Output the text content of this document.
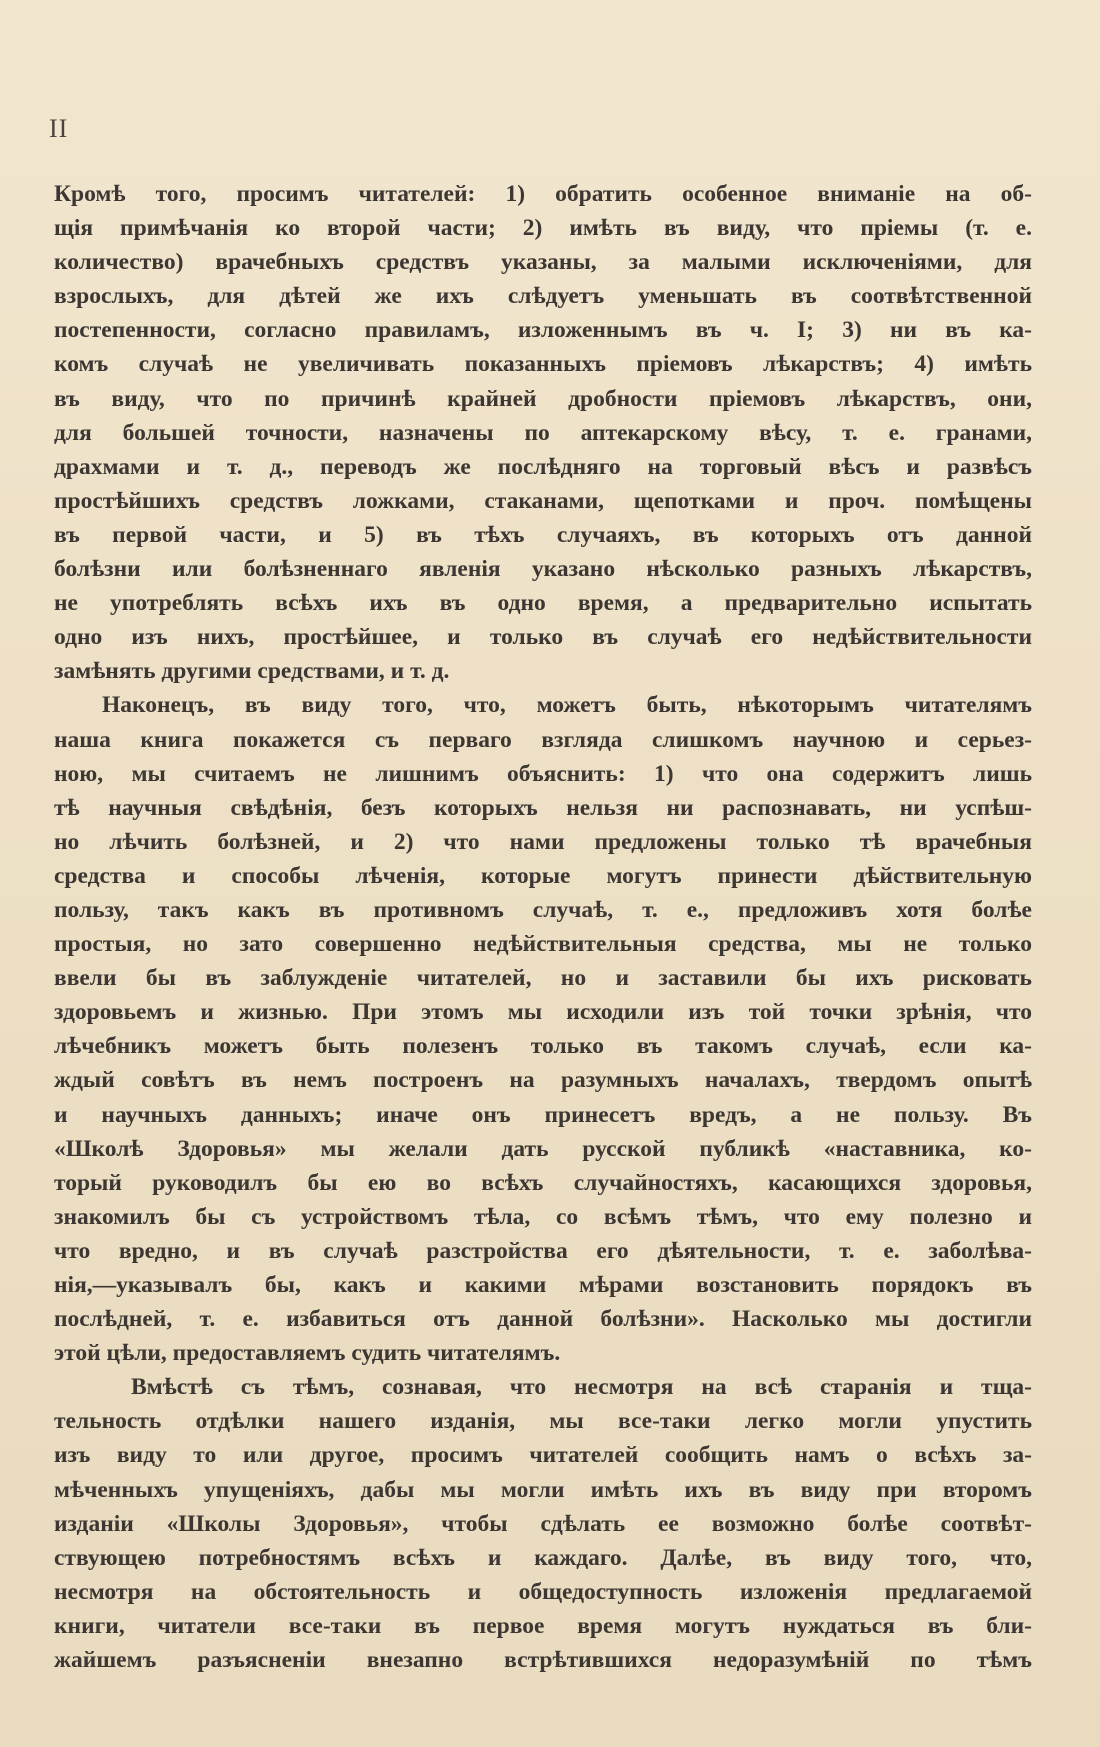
II
Кромѣ того, просимъ читателей: 1) обратить особенное вниманіе на об-
щія примѣчанія ко второй части; 2) имѣть въ виду, что пріемы (т. е.
количество) врачебныхъ средствъ указаны, за малыми исключеніями, для
взрослыхъ, для дѣтей же ихъ слѣдуетъ уменьшать въ соотвѣтственной
постепенности, согласно правиламъ, изложеннымъ въ ч. I; 3) ни въ ка-
комъ случаѣ не увеличивать показанныхъ пріемовъ лѣкарствъ; 4) имѣть
въ виду, что по причинѣ крайней дробности пріемовъ лѣкарствъ, они,
для большей точности, назначены по аптекарскому вѣсу, т. е. гранами,
драхмами и т. д., переводъ же послѣдняго на торговый вѣсъ и развѣсъ
простѣйшихъ средствъ ложками, стаканами, щепотками и проч. помѣщены
въ первой части, и 5) въ тѣхъ случаяхъ, въ которыхъ отъ данной
болѣзни или болѣзненнаго явленія указано нѣсколько разныхъ лѣкарствъ,
не употреблять всѣхъ ихъ въ одно время, а предварительно испытать
одно изъ нихъ, простѣйшее, и только въ случаѣ его недѣйствительности
замѣнять другими средствами, и т. д.
Наконецъ, въ виду того, что, можетъ быть, нѣкоторымъ читателямъ
наша книга покажется съ перваго взгляда слишкомъ научною и серьез-
ною, мы считаемъ не лишнимъ объяснить: 1) что она содержитъ лишь
тѣ научныя свѣдѣнія, безъ которыхъ нельзя ни распознавать, ни успѣш-
но лѣчить болѣзней, и 2) что нами предложены только тѣ врачебныя
средства и способы лѣченія, которые могутъ принести дѣйствительную
пользу, такъ какъ въ противномъ случаѣ, т. е., предложивъ хотя болѣе
простыя, но зато совершенно недѣйствительныя средства, мы не только
ввели бы въ заблужденіе читателей, но и заставили бы ихъ рисковать
здоровьемъ и жизнью. При этомъ мы исходили изъ той точки зрѣнія, что
лѣчебникъ можетъ быть полезенъ только въ такомъ случаѣ, если ка-
ждый совѣтъ въ немъ построенъ на разумныхъ началахъ, твердомъ опытѣ
и научныхъ данныхъ; иначе онъ принесетъ вредъ, а не пользу. Въ
«Школѣ Здоровья» мы желали дать русской публикѣ «наставника, ко-
торый руководилъ бы ею во всѣхъ случайностяхъ, касающихся здоровья,
знакомилъ бы съ устройствомъ тѣла, со всѣмъ тѣмъ, что ему полезно и
что вредно, и въ случаѣ разстройства его дѣятельности, т. е. заболѣва-
нія,—указывалъ бы, какъ и какими мѣрами возстановить порядокъ въ
послѣдней, т. е. избавиться отъ данной болѣзни». Насколько мы достигли
этой цѣли, предоставляемъ судить читателямъ.
Вмѣстѣ съ тѣмъ, сознавая, что несмотря на всѣ старанія и тща-
тельность отдѣлки нашего изданія, мы все-таки легко могли упустить
изъ виду то или другое, просимъ читателей сообщить намъ о всѣхъ за-
мѣченныхъ упущеніяхъ, дабы мы могли имѣть ихъ въ виду при второмъ
изданіи «Школы Здоровья», чтобы сдѣлать ее возможно болѣе соотвѣт-
ствующею потребностямъ всѣхъ и каждаго. Далѣе, въ виду того, что,
несмотря на обстоятельность и общедоступность изложенія предлагаемой
книги, читатели все-таки въ первое время могутъ нуждаться въ бли-
жайшемъ разъясненіи внезапно встрѣтившихся недоразумѣній по тѣмъ
